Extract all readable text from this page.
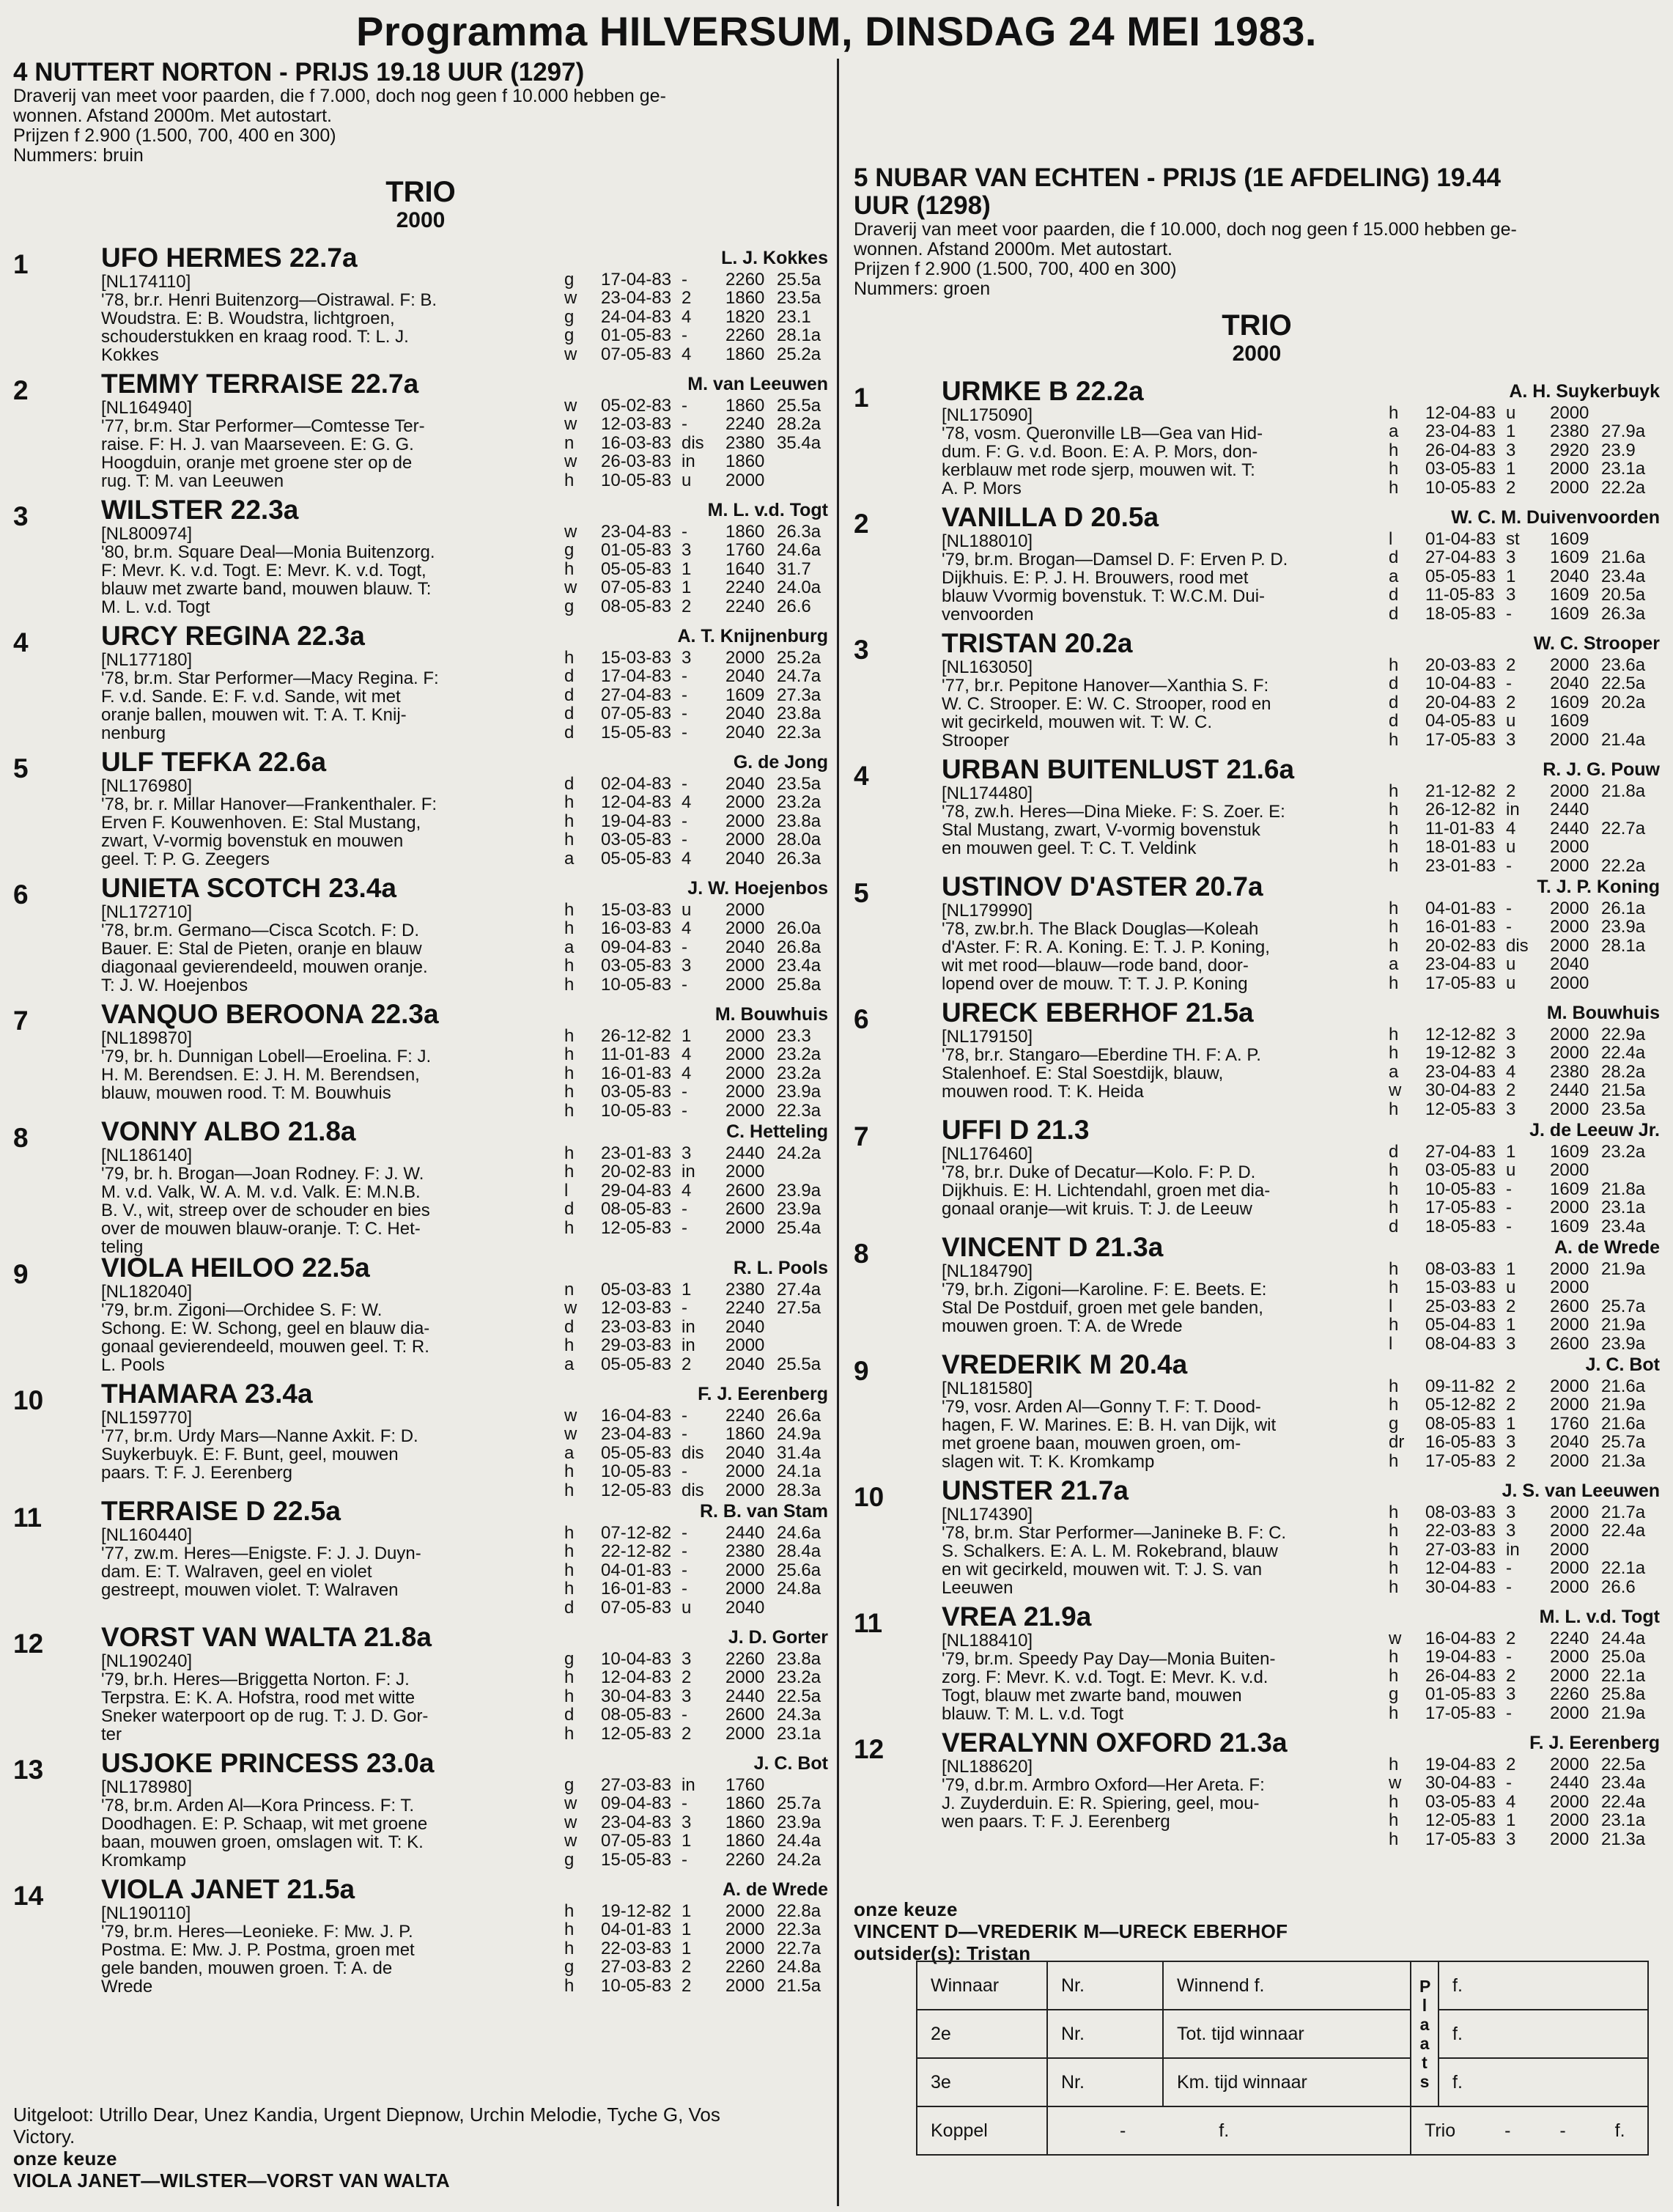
Programma HILVERSUM, DINSDAG 24 MEI 1983.

4 NUTTERT NORTON - PRIJS 19.18 UUR (1297)

Draverij van meet voor paarden, die f 7.000, doch nog geen f 10.000 hebben ge-

wonnen. Afstand 2000m. Met autostart.

Prijzen f 2.900 (1.500, 700, 400 en 300)

Nummers: bruin

TRIO
2000
1	L. J. Kokkes
UFO HERMES 22.7a
[NL174110]
'78, br.r. Henri Buitenzorg—Oistrawal. F: B.
Woudstra. E: B. Woudstra, lichtgroen,
schouderstukken en kraag rood. T: L. J.
Kokkes
g	17-04-83 -	2260 25.5a
w	23-04-83 2	1860 23.5a
g	24-04-83 4	1820 23.1
g	01-05-83 -	2260 28.1a
w	07-05-83 4	1860 25.2a
2	M. van Leeuwen
TEMMY TERRAISE 22.7a
[NL164940]
'77, br.m. Star Performer—Comtesse Ter-
raise. F: H. J. van Maarseveen. E: G. G.
Hoogduin, oranje met groene ster op de
rug. T: M. van Leeuwen
w	05-02-83 -	1860 25.5a
w	12-03-83 -	2240 28.2a
n	16-03-83 dis	2380 35.4a
w	26-03-83 in	1860
h	10-05-83 u	2000
3	M. L. v.d. Togt
WILSTER 22.3a
[NL800974]
'80, br.m. Square Deal—Monia Buitenzorg.
F: Mevr. K. v.d. Togt. E: Mevr. K. v.d. Togt,
blauw met zwarte band, mouwen blauw. T:
M. L. v.d. Togt
w	23-04-83 -	1860 26.3a
g	01-05-83 3	1760 24.6a
h	05-05-83 1	1640 31.7
w	07-05-83 1	2240 24.0a
g	08-05-83 2	2240 26.6
4	A. T. Knijnenburg
URCY REGINA 22.3a
[NL177180]
'78, br.m. Star Performer—Macy Regina. F:
F. v.d. Sande. E: F. v.d. Sande, wit met
oranje ballen, mouwen wit. T: A. T. Knij-
nenburg
h	15-03-83 3	2000 25.2a
d	17-04-83 -	2040 24.7a
d	27-04-83 -	1609 27.3a
d	07-05-83 -	2040 23.8a
d	15-05-83 -	2040 22.3a
5	G. de Jong
ULF TEFKA 22.6a
[NL176980]
'78, br. r. Millar Hanover—Frankenthaler. F:
Erven F. Kouwenhoven. E: Stal Mustang,
zwart, V-vormig bovenstuk en mouwen
geel. T: P. G. Zeegers
d	02-04-83 -	2040 23.5a
h	12-04-83 4	2000 23.2a
h	19-04-83 -	2000 23.8a
h	03-05-83 -	2000 28.0a
a	05-05-83 4	2040 26.3a
6	J. W. Hoejenbos
UNIETA SCOTCH 23.4a
[NL172710]
'78, br.m. Germano—Cisca Scotch. F: D.
Bauer. E: Stal de Pieten, oranje en blauw
diagonaal gevierendeeld, mouwen oranje.
T: J. W. Hoejenbos
h	15-03-83 u	2000
h	16-03-83 4	2000 26.0a
a	09-04-83 -	2040 26.8a
h	03-05-83 3	2000 23.4a
h	10-05-83 -	2000 25.8a
7	M. Bouwhuis
VANQUO BEROONA 22.3a
[NL189870]
'79, br. h. Dunnigan Lobell—Eroelina. F: J.
H. M. Berendsen. E: J. H. M. Berendsen,
blauw, mouwen rood. T: M. Bouwhuis
h	26-12-82 1	2000 23.3
h	11-01-83 4	2000 23.2a
h	16-01-83 4	2000 23.2a
h	03-05-83 -	2000 23.9a
h	10-05-83 -	2000 22.3a
8	C. Hetteling
VONNY ALBO 21.8a
[NL186140]
'79, br. h. Brogan—Joan Rodney. F: J. W.
M. v.d. Valk, W. A. M. v.d. Valk. E: M.N.B.
B. V., wit, streep over de schouder en bies
over de mouwen blauw-oranje. T: C. Het-
teling
h	23-01-83 3	2440 24.2a
h	20-02-83 in	2000
l	29-04-83 4	2600 23.9a
d	08-05-83 -	2600 23.9a
h	12-05-83 -	2000 25.4a
9	R. L. Pools
VIOLA HEILOO 22.5a
[NL182040]
'79, br.m. Zigoni—Orchidee S. F: W.
Schong. E: W. Schong, geel en blauw dia-
gonaal gevierendeeld, mouwen geel. T: R.
L. Pools
n	05-03-83 1	2380 27.4a
w	12-03-83 -	2240 27.5a
d	23-03-83 in	2040
h	29-03-83 in	2000
a	05-05-83 2	2040 25.5a
10	F. J. Eerenberg
THAMARA 23.4a
[NL159770]
'77, br.m. Urdy Mars—Nanne Axkit. F: D.
Suykerbuyk. E: F. Bunt, geel, mouwen
paars. T: F. J. Eerenberg
w	16-04-83 -	2240 26.6a
w	23-04-83 -	1860 24.9a
a	05-05-83 dis	2040 31.4a
h	10-05-83 -	2000 24.1a
h	12-05-83 dis	2000 28.3a
11	R. B. van Stam
TERRAISE D 22.5a
[NL160440]
'77, zw.m. Heres—Enigste. F: J. J. Duyn-
dam. E: T. Walraven, geel en violet
gestreept, mouwen violet. T: Walraven
h	07-12-82 -	2440 24.6a
h	22-12-82 -	2380 28.4a
h	04-01-83 -	2000 25.6a
h	16-01-83 -	2000 24.8a
d	07-05-83 u	2040
12	J. D. Gorter
VORST VAN WALTA 21.8a
[NL190240]
'79, br.h. Heres—Briggetta Norton. F: J.
Terpstra. E: K. A. Hofstra, rood met witte
Sneker waterpoort op de rug. T: J. D. Gor-
ter
g	10-04-83 3	2260 23.8a
h	12-04-83 2	2000 23.2a
h	30-04-83 3	2440 22.5a
d	08-05-83 -	2600 24.3a
h	12-05-83 2	2000 23.1a
13	J. C. Bot
USJOKE PRINCESS 23.0a
[NL178980]
'78, br.m. Arden Al—Kora Princess. F: T.
Doodhagen. E: P. Schaap, wit met groene
baan, mouwen groen, omslagen wit. T: K.
Kromkamp
g	27-03-83 in	1760
w	09-04-83 -	1860 25.7a
w	23-04-83 3	1860 23.9a
w	07-05-83 1	1860 24.4a
g	15-05-83 -	2260 24.2a
14	A. de Wrede
VIOLA JANET 21.5a
[NL190110]
'79, br.m. Heres—Leonieke. F: Mw. J. P.
Postma. E: Mw. J. P. Postma, groen met
gele banden, mouwen groen. T: A. de
Wrede
h	19-12-82 1	2000 22.8a
h	04-01-83 1	2000 22.3a
h	22-03-83 1	2000 22.7a
g	27-03-83 2	2260 24.8a
h	10-05-83 2	2000 21.5a

Uitgeloot: Utrillo Dear, Unez Kandia, Urgent Diepnow, Urchin Melodie, Tyche G, Vos

Victory.

onze keuze

VIOLA JANET—WILSTER—VORST VAN WALTA

5 NUBAR VAN ECHTEN - PRIJS (1E AFDELING) 19.44

UUR (1298)

Draverij van meet voor paarden, die f 10.000, doch nog geen f 15.000 hebben ge-

wonnen. Afstand 2000m. Met autostart.

Prijzen f 2.900 (1.500, 700, 400 en 300)

Nummers: groen

TRIO
2000
1	A. H. Suykerbuyk
URMKE B 22.2a
[NL175090]
'78, vosm. Queronville LB—Gea van Hid-
dum. F: G. v.d. Boon. E: A. P. Mors, don-
kerblauw met rode sjerp, mouwen wit. T:
A. P. Mors
h	12-04-83 u	2000
a	23-04-83 1	2380 27.9a
h	26-04-83 3	2920 23.9
h	03-05-83 1	2000 23.1a
h	10-05-83 2	2000 22.2a
2	W. C. M. Duivenvoorden
VANILLA D 20.5a
[NL188010]
'79, br.m. Brogan—Damsel D. F: Erven P. D.
Dijkhuis. E: P. J. H. Brouwers, rood met
blauw Vvormig bovenstuk. T: W.C.M. Dui-
venvoorden
l	01-04-83 st	1609
d	27-04-83 3	1609 21.6a
a	05-05-83 1	2040 23.4a
d	11-05-83 3	1609 20.5a
d	18-05-83 -	1609 26.3a
3	W. C. Strooper
TRISTAN 20.2a
[NL163050]
'77, br.r. Pepitone Hanover—Xanthia S. F:
W. C. Strooper. E: W. C. Strooper, rood en
wit gecirkeld, mouwen wit. T: W. C.
Strooper
h	20-03-83 2	2000 23.6a
d	10-04-83 -	2040 22.5a
d	20-04-83 2	1609 20.2a
d	04-05-83 u	1609
h	17-05-83 3	2000 21.4a
4	R. J. G. Pouw
URBAN BUITENLUST 21.6a
[NL174480]
'78, zw.h. Heres—Dina Mieke. F: S. Zoer. E:
Stal Mustang, zwart, V-vormig bovenstuk
en mouwen geel. T: C. T. Veldink
h	21-12-82 2	2000 21.8a
h	26-12-82 in	2440
h	11-01-83 4	2440 22.7a
h	18-01-83 u	2000
h	23-01-83 -	2000 22.2a
5	T. J. P. Koning
USTINOV D'ASTER 20.7a
[NL179990]
'78, zw.br.h. The Black Douglas—Koleah
d'Aster. F: R. A. Koning. E: T. J. P. Koning,
wit met rood—blauw—rode band, door-
lopend over de mouw. T: T. J. P. Koning
h	04-01-83 -	2000 26.1a
h	16-01-83 -	2000 23.9a
h	20-02-83 dis	2000 28.1a
a	23-04-83 u	2040
h	17-05-83 u	2000
6	M. Bouwhuis
URECK EBERHOF 21.5a
[NL179150]
'78, br.r. Stangaro—Eberdine TH. F: A. P.
Stalenhoef. E: Stal Soestdijk, blauw,
mouwen rood. T: K. Heida
h	12-12-82 3	2000 22.9a
h	19-12-82 3	2000 22.4a
a	23-04-83 4	2380 28.2a
w	30-04-83 2	2440 21.5a
h	12-05-83 3	2000 23.5a
7	J. de Leeuw Jr.
UFFI D 21.3
[NL176460]
'78, br.r. Duke of Decatur—Kolo. F: P. D.
Dijkhuis. E: H. Lichtendahl, groen met dia-
gonaal oranje—wit kruis. T: J. de Leeuw
d	27-04-83 1	1609 23.2a
h	03-05-83 u	2000
h	10-05-83 -	1609 21.8a
h	17-05-83 -	2000 23.1a
d	18-05-83 -	1609 23.4a
8	A. de Wrede
VINCENT D 21.3a
[NL184790]
'79, br.h. Zigoni—Karoline. F: E. Beets. E:
Stal De Postduif, groen met gele banden,
mouwen groen. T: A. de Wrede
h	08-03-83 1	2000 21.9a
h	15-03-83 u	2000
l	25-03-83 2	2600 25.7a
h	05-04-83 1	2000 21.9a
l	08-04-83 3	2600 23.9a
9	J. C. Bot
VREDERIK M 20.4a
[NL181580]
'79, vosr. Arden Al—Gonny T. F: T. Dood-
hagen, F. W. Marines. E: B. H. van Dijk, wit
met groene baan, mouwen groen, om-
slagen wit. T: K. Kromkamp
h	09-11-82 2	2000 21.6a
h	05-12-82 2	2000 21.9a
g	08-05-83 1	1760 21.6a
dr	16-05-83 3	2040 25.7a
h	17-05-83 2	2000 21.3a
10	J. S. van Leeuwen
UNSTER 21.7a
[NL174390]
'78, br.m. Star Performer—Janineke B. F: C.
S. Schalkers. E: A. L. M. Rokebrand, blauw
en wit gecirkeld, mouwen wit. T: J. S. van
Leeuwen
h	08-03-83 3	2000 21.7a
h	22-03-83 3	2000 22.4a
h	27-03-83 in	2000
h	12-04-83 -	2000 22.1a
h	30-04-83 -	2000 26.6
11	M. L. v.d. Togt
VREA 21.9a
[NL188410]
'79, br.m. Speedy Pay Day—Monia Buiten-
zorg. F: Mevr. K. v.d. Togt. E: Mevr. K. v.d.
Togt, blauw met zwarte band, mouwen
blauw. T: M. L. v.d. Togt
w	16-04-83 2	2240 24.4a
h	19-04-83 -	2000 25.0a
h	26-04-83 2	2000 22.1a
g	01-05-83 3	2260 25.8a
h	17-05-83 -	2000 21.9a
12	F. J. Eerenberg
VERALYNN OXFORD 21.3a
[NL188620]
'79, d.br.m. Armbro Oxford—Her Areta. F:
J. Zuyderduin. E: R. Spiering, geel, mou-
wen paars. T: F. J. Eerenberg
h	19-04-83 2	2000 22.5a
w	30-04-83 -	2440 23.4a
h	03-05-83 4	2000 22.4a
h	12-05-83 1	2000 23.1a
h	17-05-83 3	2000 21.3a

onze keuze

VINCENT D—VREDERIK M—URECK EBERHOF

outsider(s): Tristan

Winnaar	Nr.	Winnend f.	Plaats	f.
2e	Nr.	Tot. tijd winnaar		f.
3e	Nr.	Km. tijd winnaar		f.
Koppel	- f.		Trio - - f.	
